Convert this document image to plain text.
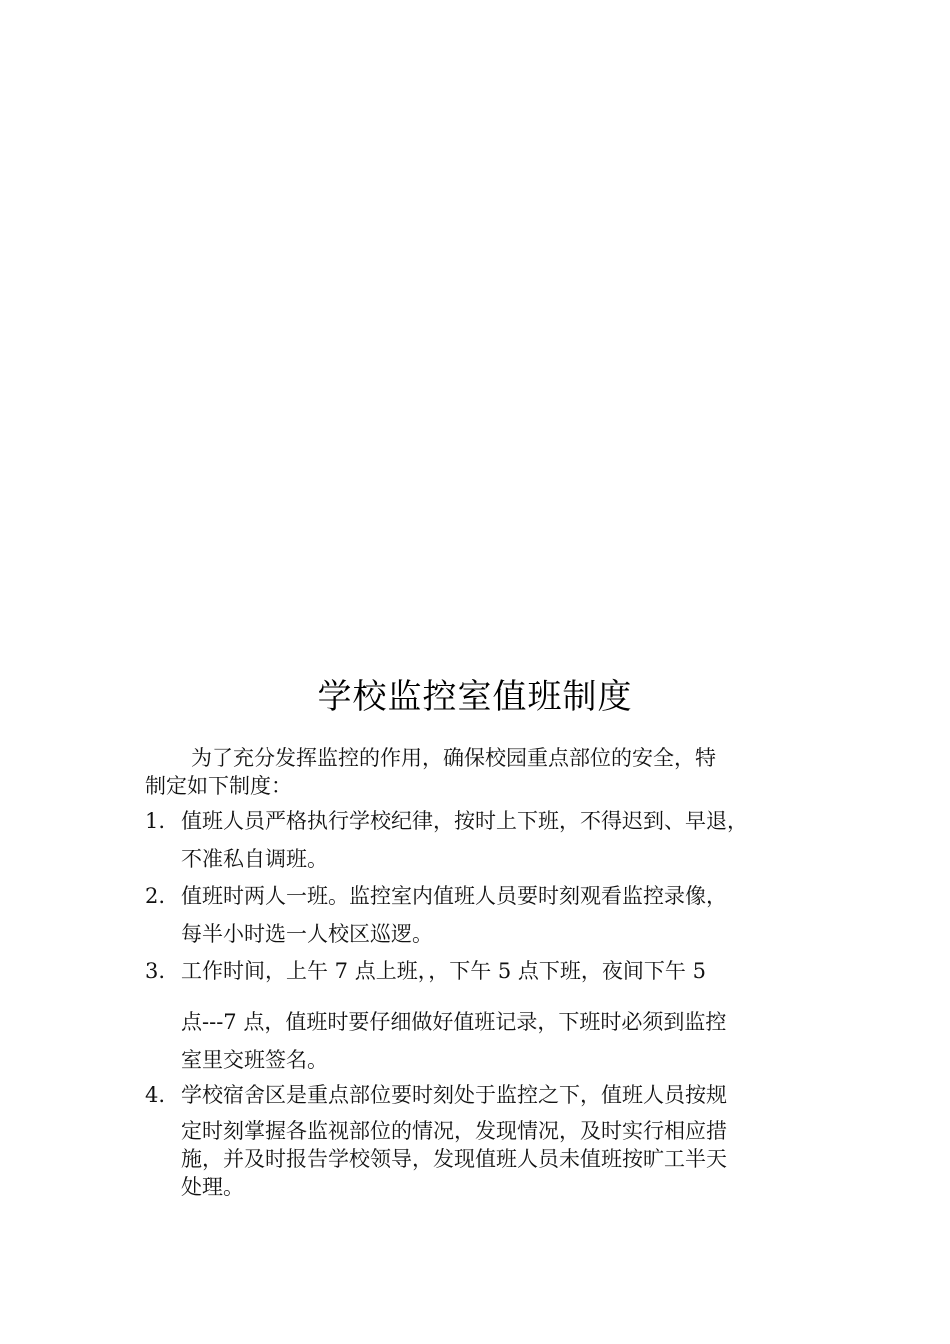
学校监控室值班制度
为了充分发挥监控的作用，确保校园重点部位的安全，特
制定如下制度：
1. 值班人员严格执行学校纪律，按时上下班，不得迟到、早退，
不准私自调班。
2. 值班时两人一班。监控室内值班人员要时刻观看监控录像，
每半小时选一人校区巡逻。
3. 工作时间，上午 7 点上班，，下午 5 点下班，夜间下午 5
点---7 点，值班时要仔细做好值班记录，下班时必须到监控
室里交班签名。
4. 学校宿舍区是重点部位要时刻处于监控之下，值班人员按规
定时刻掌握各监视部位的情况，发现情况，及时实行相应措
施，并及时报告学校领导，发现值班人员未值班按旷工半天
处理。
